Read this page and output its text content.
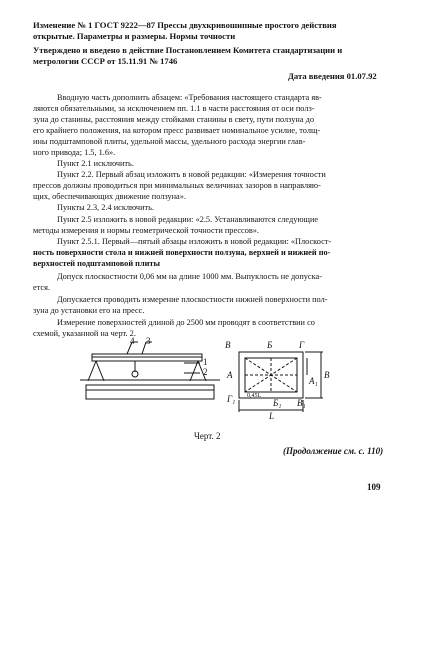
Изменение № 1 ГОСТ 9222—87 Прессы двухкривошипные простого действия
открытые. Параметры и размеры. Нормы точности
Утверждено и введено в действие Постановлением Комитета стандартизации и
метрологии СССР от 15.11.91 № 1746
Дата введения 01.07.92
Вводную часть дополнить абзацем: «Требования настоящего стандарта яв-
ляются обязательными, за исключением пп. 1.1 в части расстояния от оси полз-
зуна до станины, расстояния между стойками станины в свету, пути ползуна до
его крайнего положения, на котором пресс развивает номинальное усилие, толщ-
ины подштамповой плиты, удельной массы, удельного расхода энергии глав-
ного привода; 1.5, 1.6».
Пункт 2.1 исключить.
Пункт 2.2. Первый абзац изложить в новой редакции: «Измерения точности
прессов должны проводиться при минимальных величинах зазоров в направляю-
щих, обеспечивающих движение ползуна».
Пункты 2.3, 2.4 исключить.
Пункт 2.5 изложить в новой редакции: «2.5. Устанавливаются следующие
методы измерения и нормы геометрической точности прессов».
Пункт 2.5.1. Первый—пятый абзацы изложить в новой редакции: «Плоскост-
ность поверхности стола и нижней поверхности ползуна, верхней и нижней по-
верхностей подштамповой плиты
Допуск плоскостности 0,06 мм на длине 1000 мм. Выпуклость не допуска-
ется.
Допускается проводить измерение плоскостности нижней поверхности пол-
зуна до установки его на пресс.
Измерение поверхностей длиной до 2500 мм проводят в соответствии со
схемой, указанной на черт. 2.
4 3
1
2
В	Б	Г
А
А₁
Г₁	Б₁ В₁
0,45L
L
В
Черт. 2
(Продолжение см. с. 110)
109
